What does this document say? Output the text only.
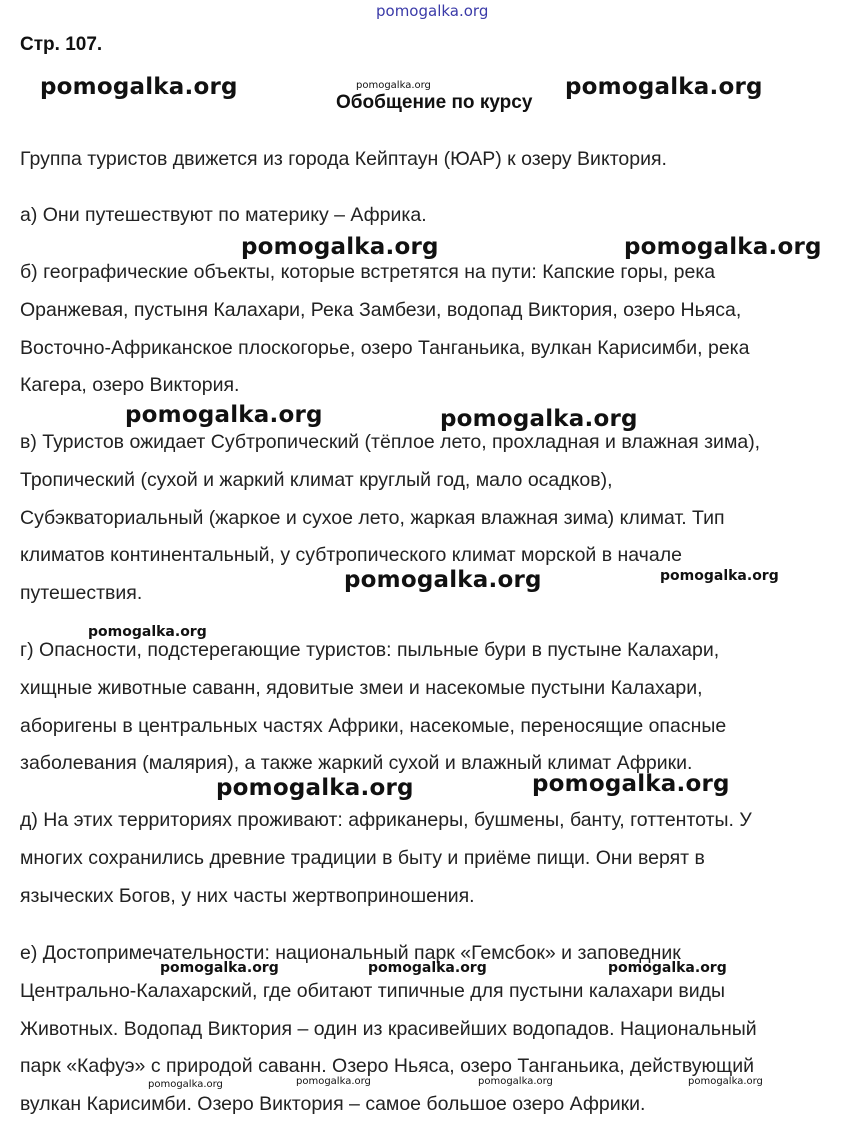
pomogalka.org
Стр. 107.
pomogalka.org	pomogalka.org
Обобщение по курсу
pomogalka.org

Группа туристов движется из города Кейптаун (ЮАР) к озеру Виктория.

а) Они путешествуют по материку – Африка.

pomogalka.org	pomogalka.org

б) географические объекты, которые встретятся на пути: Капские горы, река
Оранжевая, пустыня Калахари, Река Замбези, водопад Виктория, озеро Ньяса,
Восточно-Африканское плоскогорье, озеро Танганьика, вулкан Карисимби, река
Кагера, озеро Виктория.

pomogalka.org	pomogalka.org

в) Туристов ожидает Субтропический (тёплое лето, прохладная и влажная зима),
Тропический (сухой и жаркий климат круглый год, мало осадков),
Субэкваториальный (жаркое и сухое лето, жаркая влажная зима) климат. Тип
климатов континентальный, у субтропического климат морской в начале
путешествия.

pomogalka.org	pomogalka.org
pomogalka.org

г) Опасности, подстерегающие туристов: пыльные бури в пустыне Калахари,
хищные животные саванн, ядовитые змеи и насекомые пустыни Калахари,
аборигены в центральных частях Африки, насекомые, переносящие опасные
заболевания (малярия), а также жаркий сухой и влажный климат Африки.

pomogalka.org	pomogalka.org

д) На этих территориях проживают: африканеры, бушмены, банту, готтентоты. У
многих сохранились древние традиции в быту и приёме пищи. Они верят в
языческих Богов, у них часты жертвоприношения.

е) Достопримечательности: национальный парк «Гемсбок» и заповедник
Центрально-Калахарский, где обитают типичные для пустыни калахари виды
Животных. Водопад Виктория – один из красивейших водопадов. Национальный
парк «Кафуэ» с природой саванн. Озеро Ньяса, озеро Танганьика, действующий
вулкан Карисимби. Озеро Виктория – самое большое озеро Африки.

pomogalka.org	pomogalka.org	pomogalka.org
pomogalka.org	pomogalka.org	pomogalka.org	pomogalka.org
